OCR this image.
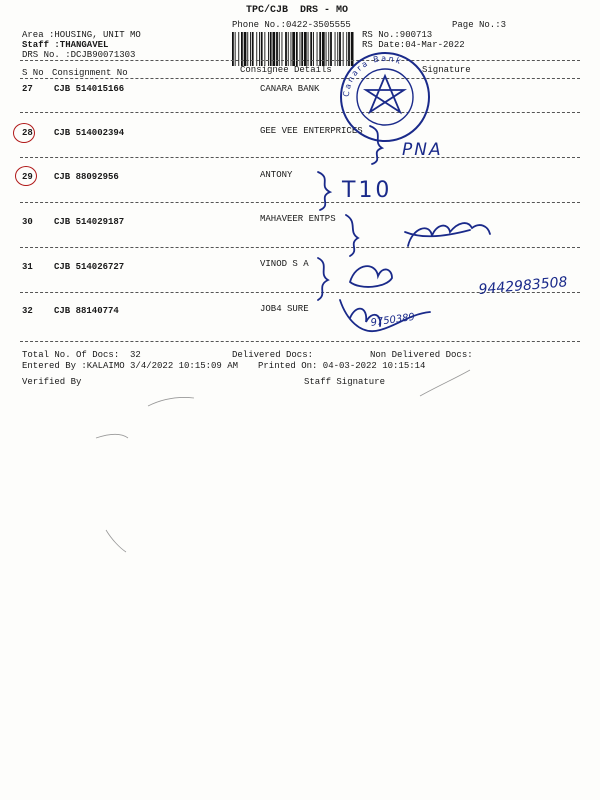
TPC/CJB  DRS - MO
Phone No.:0422-3505555	Page No.:3
Area :HOUSING, UNIT MO
Staff :THANGAVEL
DRS No. :DCJB90071303
RS No.:900713
RS Date:04-Mar-2022
S No Consignment No	Consignee Details	Signature
27 CJB 514015166	CANARA BANK
28 CJB 514002394	GEE VEE ENTERPRICES
29 CJB 88092956	ANTONY
30 CJB 514029187	MAHAVEER ENTPS
31 CJB 514026727	VINOD S A
32 CJB 88140774	JOB4 SURE
Total No. Of Docs:  32	Delivered Docs:	Non Delivered Docs:
Entered By :KALAIMO 3/4/2022 10:15:09 AM Printed On: 04-03-2022 10:15:14
Verified By	Staff Signature
Canara Bank
PNA
T10
9442983508
9750389
